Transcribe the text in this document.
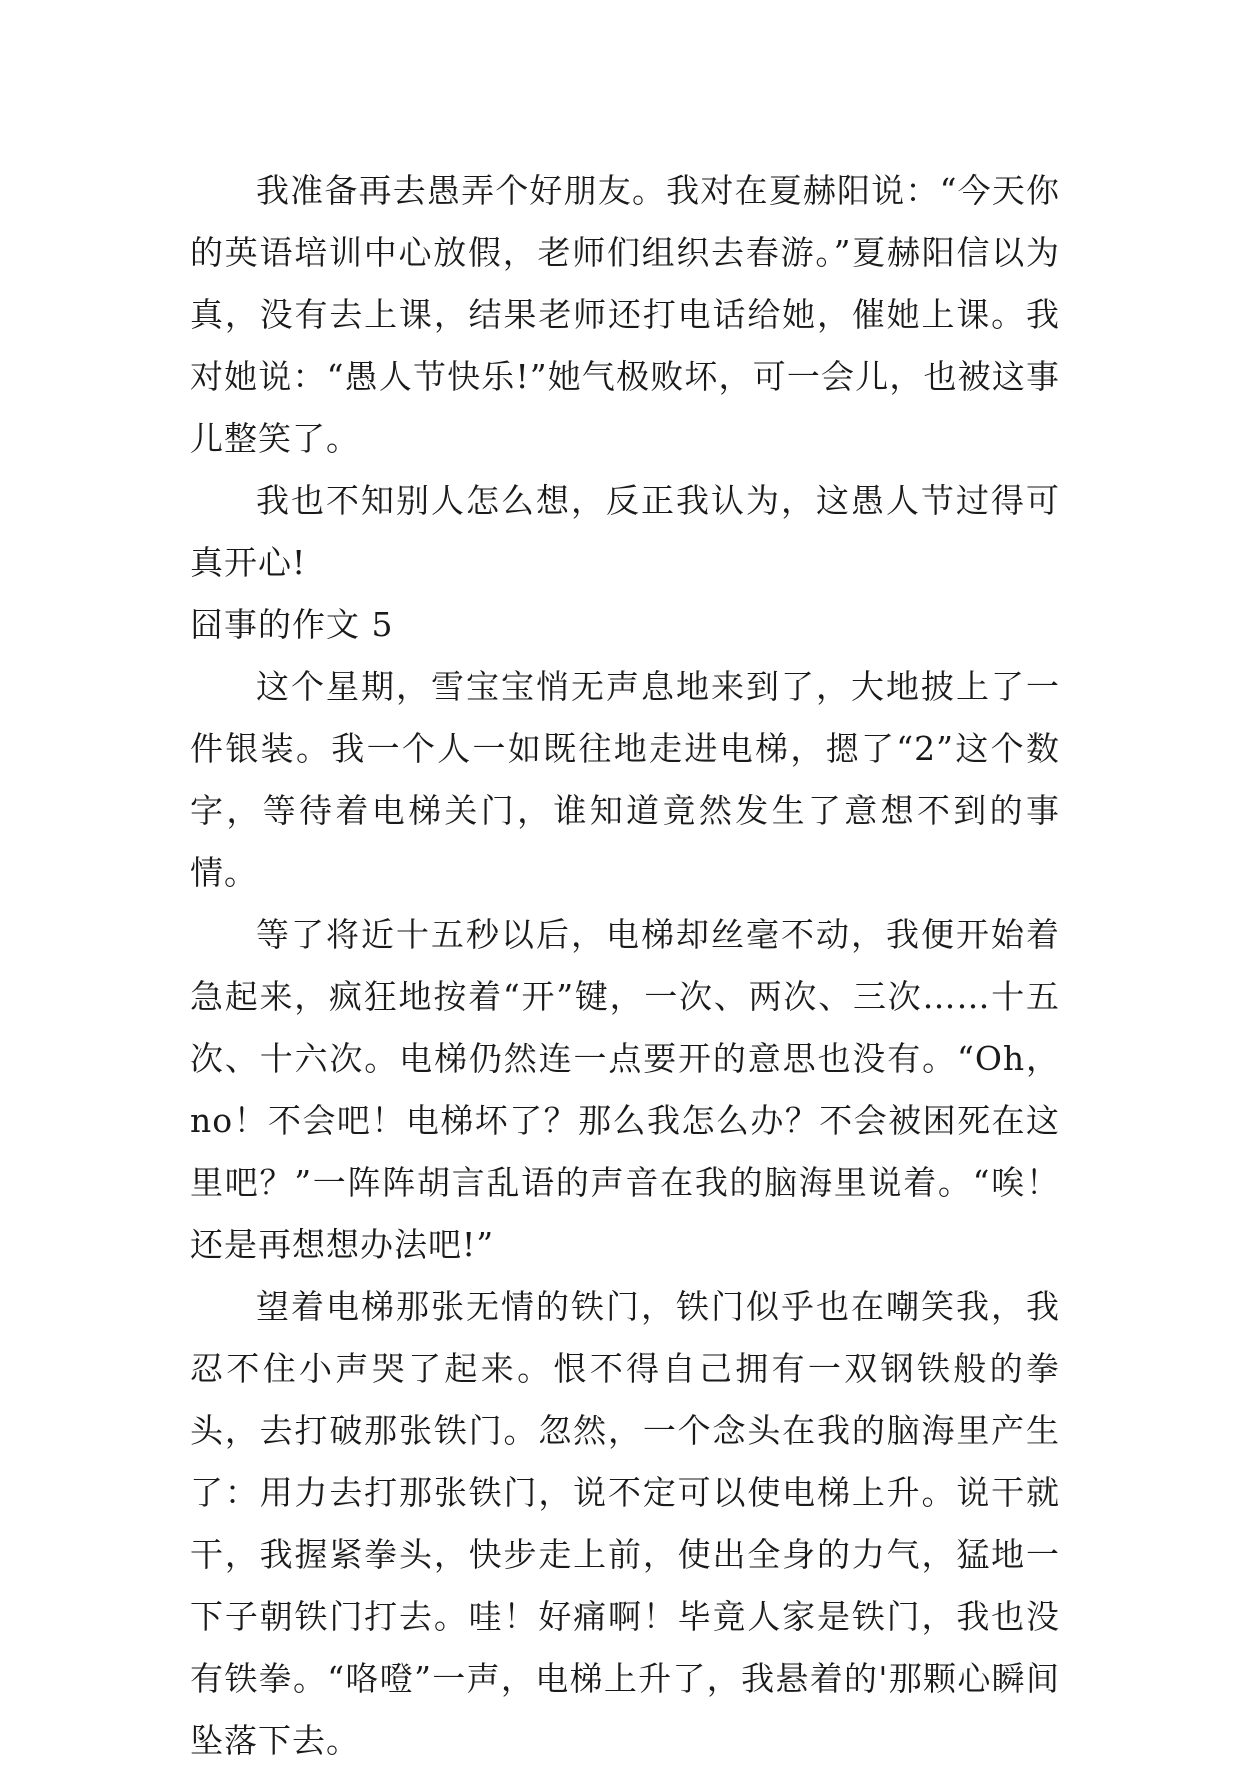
我准备再去愚弄个好朋友。我对在夏赫阳说：“今天你的英语培训中心放假，老师们组织去春游。”夏赫阳信以为真，没有去上课，结果老师还打电话给她，催她上课。我对她说：“愚人节快乐!”她气极败坏，可一会儿，也被这事儿整笑了。

我也不知别人怎么想，反正我认为，这愚人节过得可真开心!

囧事的作文 5

这个星期，雪宝宝悄无声息地来到了，大地披上了一件银装。我一个人一如既往地走进电梯，摁了“2”这个数字，等待着电梯关门，谁知道竟然发生了意想不到的事情。

等了将近十五秒以后，电梯却丝毫不动，我便开始着急起来，疯狂地按着“开”键，一次、两次、三次……十五次、十六次。电梯仍然连一点要开的意思也没有。“Oh，no！不会吧！电梯坏了？那么我怎么办？不会被困死在这里吧？”一阵阵胡言乱语的声音在我的脑海里说着。“唉！还是再想想办法吧!”

望着电梯那张无情的铁门，铁门似乎也在嘲笑我，我忍不住小声哭了起来。恨不得自己拥有一双钢铁般的拳头，去打破那张铁门。忽然，一个念头在我的脑海里产生了：用力去打那张铁门，说不定可以使电梯上升。说干就干，我握紧拳头，快步走上前，使出全身的力气，猛地一下子朝铁门打去。哇！好痛啊！毕竟人家是铁门，我也没有铁拳。“咯噔”一声，电梯上升了，我悬着的'那颗心瞬间坠落下去。
